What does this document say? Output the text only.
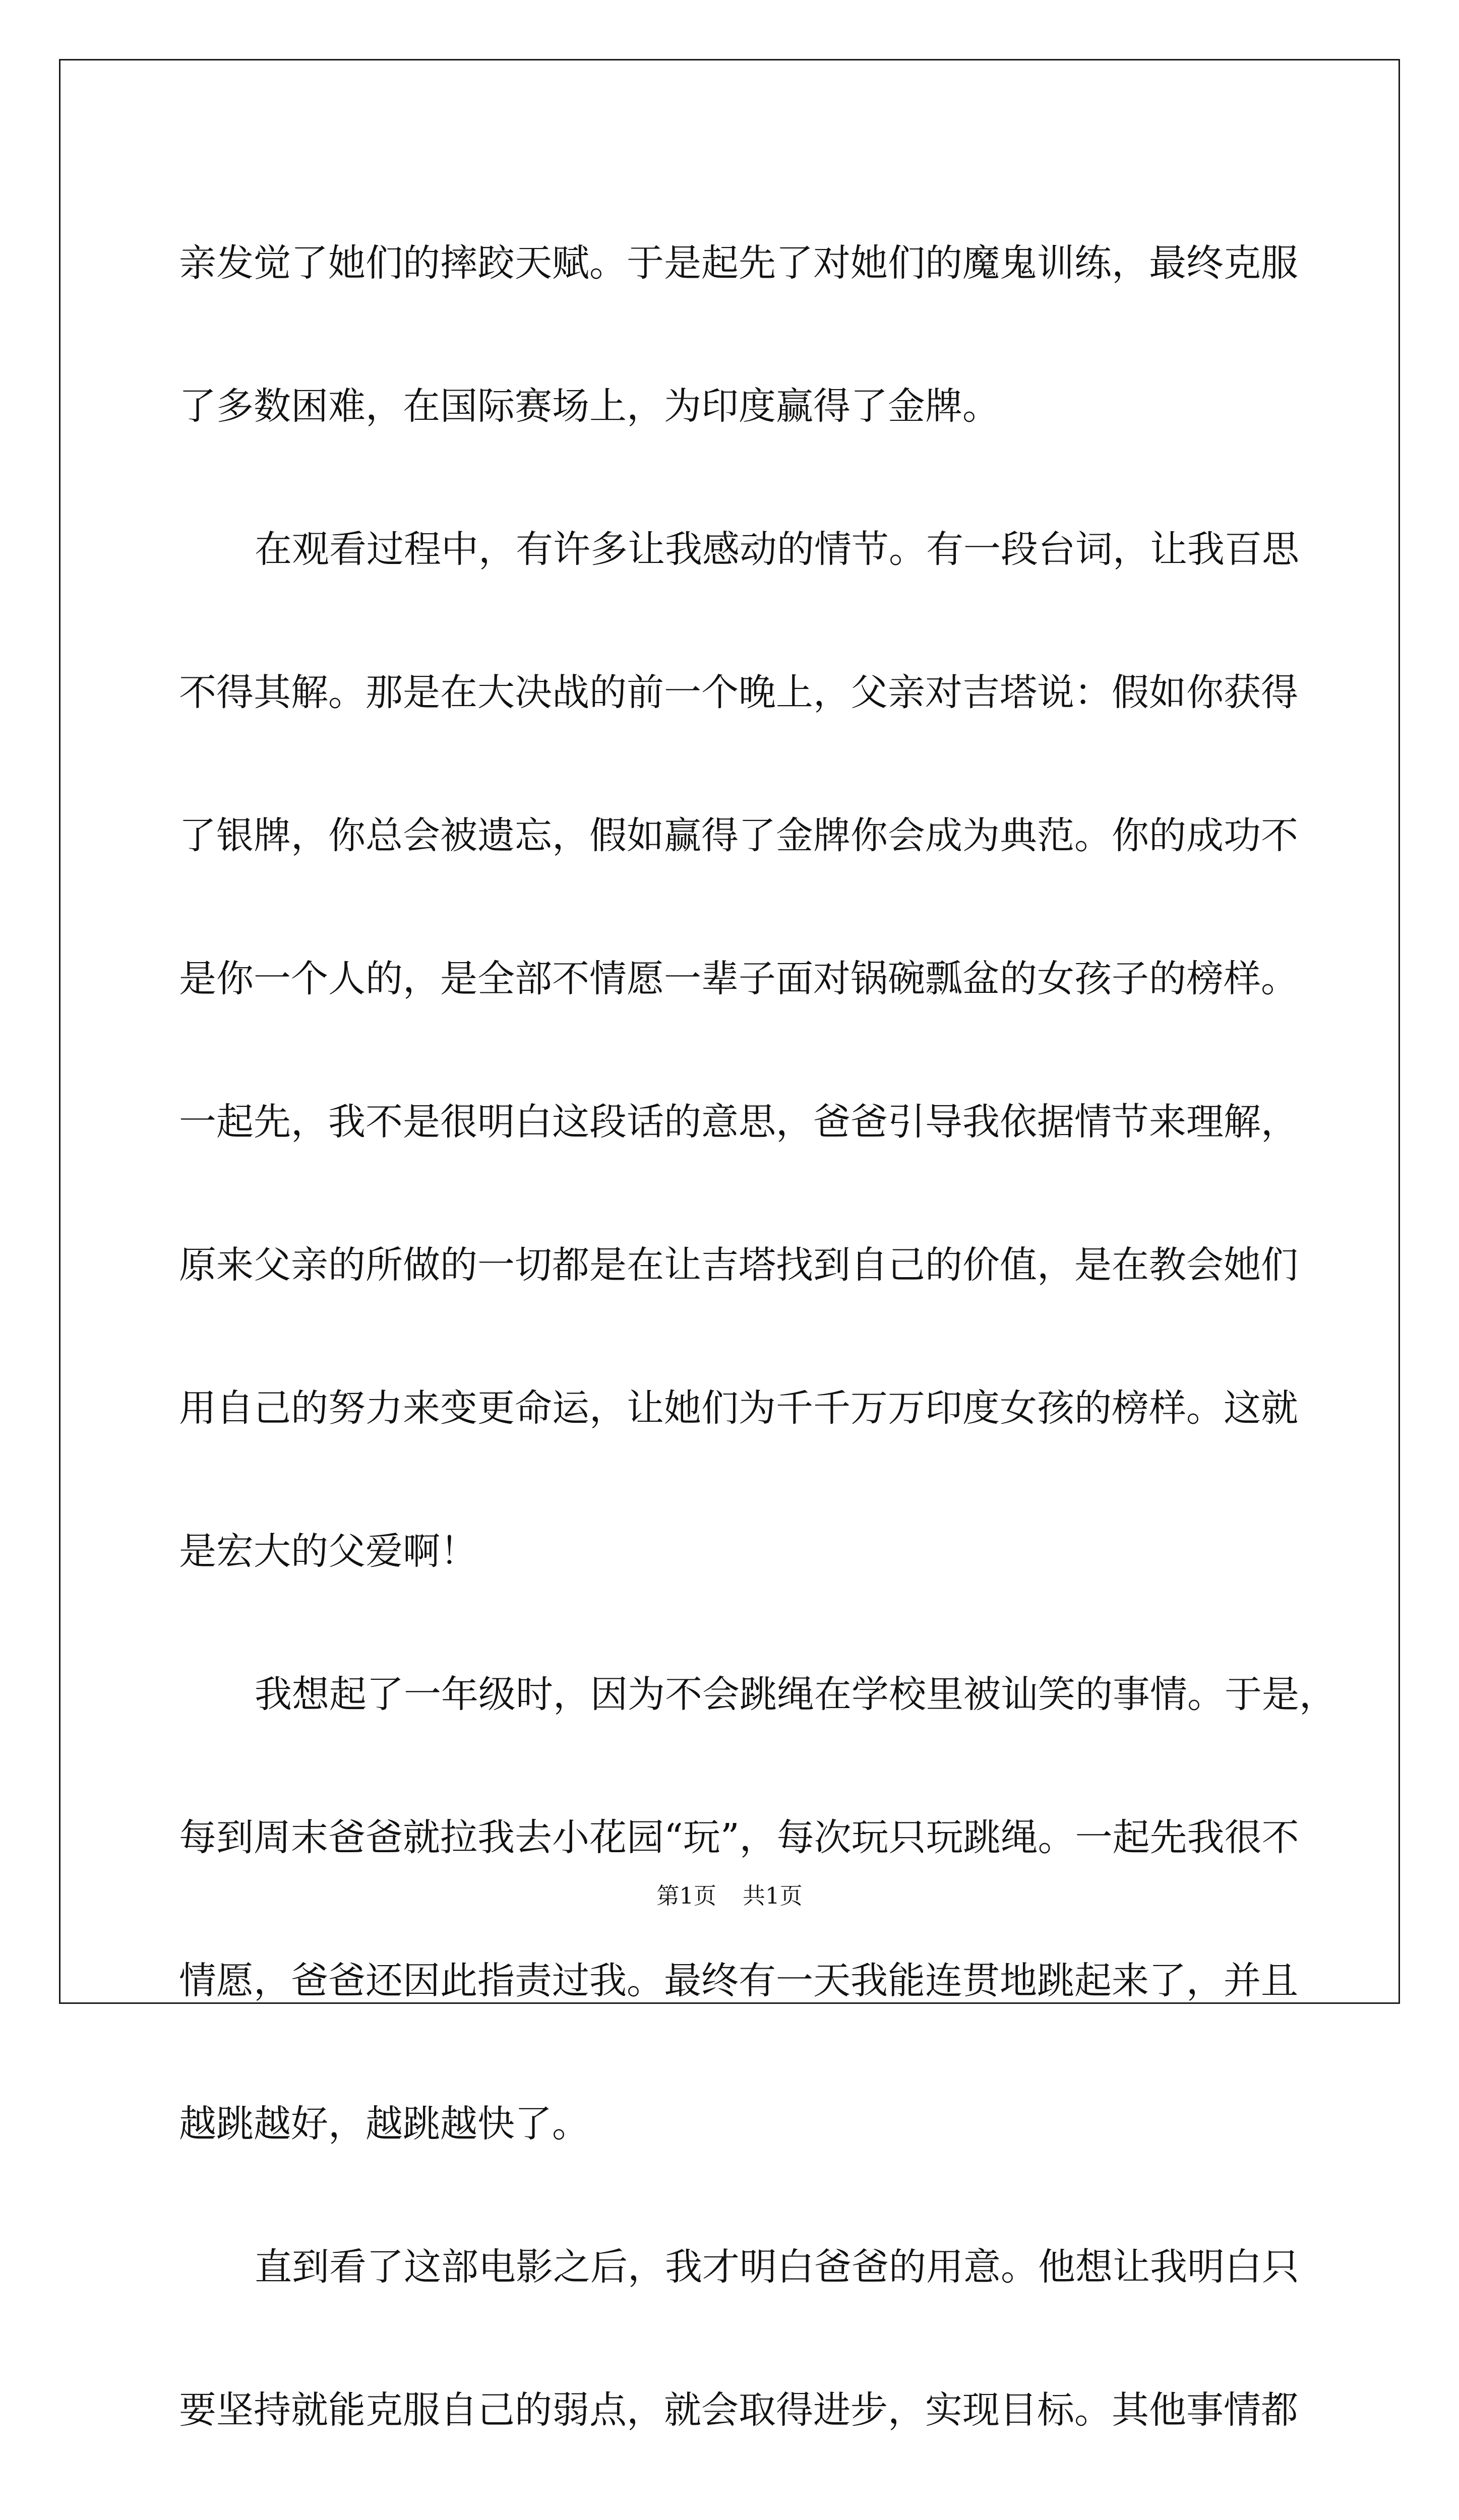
亲发觉了她们的摔跤天赋。于是起先了对她们的魔鬼训练，最终克服
了多数困难，在国际赛场上，为印度赢得了金牌。
在观看过程中，有许多让我感动的情节。有一段台词，让我百思
不得其解。那是在大决战的前一个晚上，父亲对吉塔说：假如你获得
了银牌，你总会被遗忘，假如赢得了金牌你会成为典范。你的成功不
是你一个人的，是全部不情愿一辈子面对锅碗瓢盆的女孩子的榜样。
一起先，我不是很明白这段话的意思，爸爸引导我依据情节来理解，
原来父亲的所做的一切都是在让吉塔找到自己的价值，是在教会她们
用自己的努力来变更命运，让她们为千千万万印度女孩的榜样。这就
是宏大的父爱啊！
我想起了一年级时，因为不会跳绳在学校里被讪笑的事情。于是，
每到周末爸爸就拉我去小花园“玩”，每次玩只玩跳绳。一起先我很不
情愿，爸爸还因此指责过我。最终有一天我能连贯地跳起来了，并且
越跳越好，越跳越快了。
直到看了这部电影之后，我才明白爸爸的用意。他想让我明白只
要坚持就能克服自己的弱点，就会取得进步，实现目标。其他事情都
第1页 共1页
